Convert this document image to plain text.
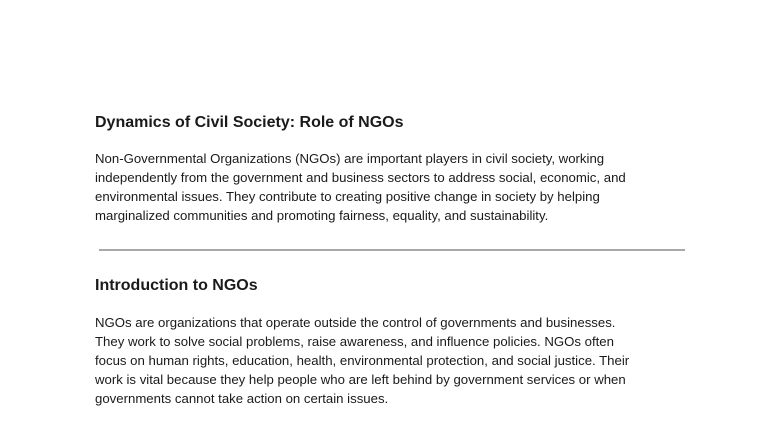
Dynamics of Civil Society: Role of NGOs

Non-Governmental Organizations (NGOs) are important players in civil society, working
independently from the government and business sectors to address social, economic, and
environmental issues. They contribute to creating positive change in society by helping
marginalized communities and promoting fairness, equality, and sustainability.

Introduction to NGOs

NGOs are organizations that operate outside the control of governments and businesses.
They work to solve social problems, raise awareness, and influence policies. NGOs often
focus on human rights, education, health, environmental protection, and social justice. Their
work is vital because they help people who are left behind by government services or when
governments cannot take action on certain issues.
